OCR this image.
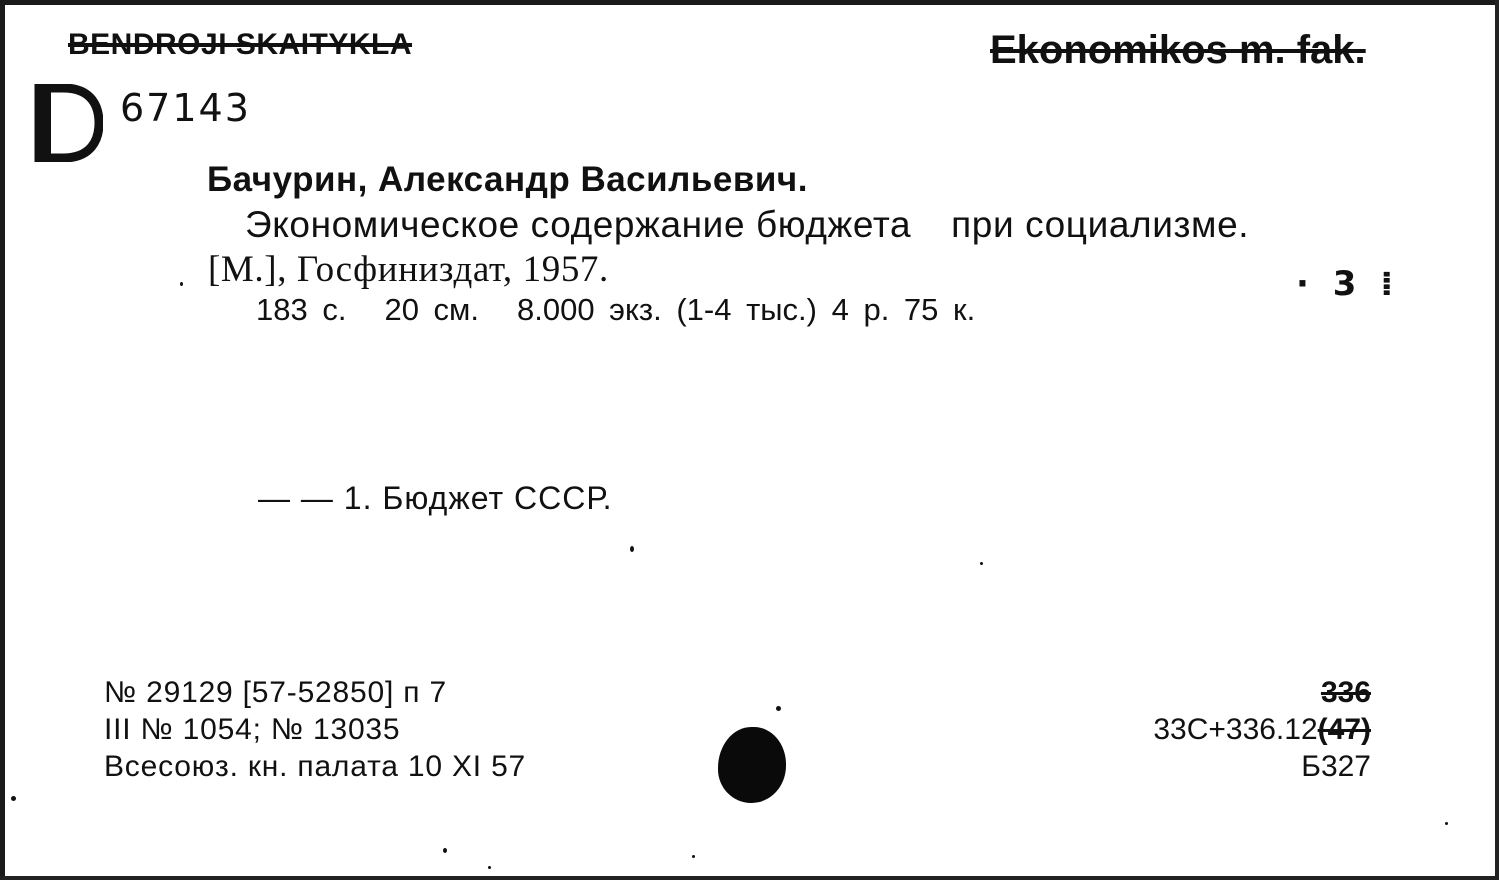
BENDROJI SKAITYKLA	Ekonomikos m. fak.
D
67143

Бачурин, Александр Васильевич.

Экономическое содержание бюджета при социализме.
[М.], Госфиниздат, 1957.
183 с. 20 см. 8.000 экз. (1-4 тыс.) 4 р. 75 к.
· 3 ⁞
— — 1. Бюджет СССР.
№ 29129 [57-52850] п 7
III № 1054; № 13035
Всесоюз. кн. палата 10 XI 57
336
33С+336.12(47)
Б327
